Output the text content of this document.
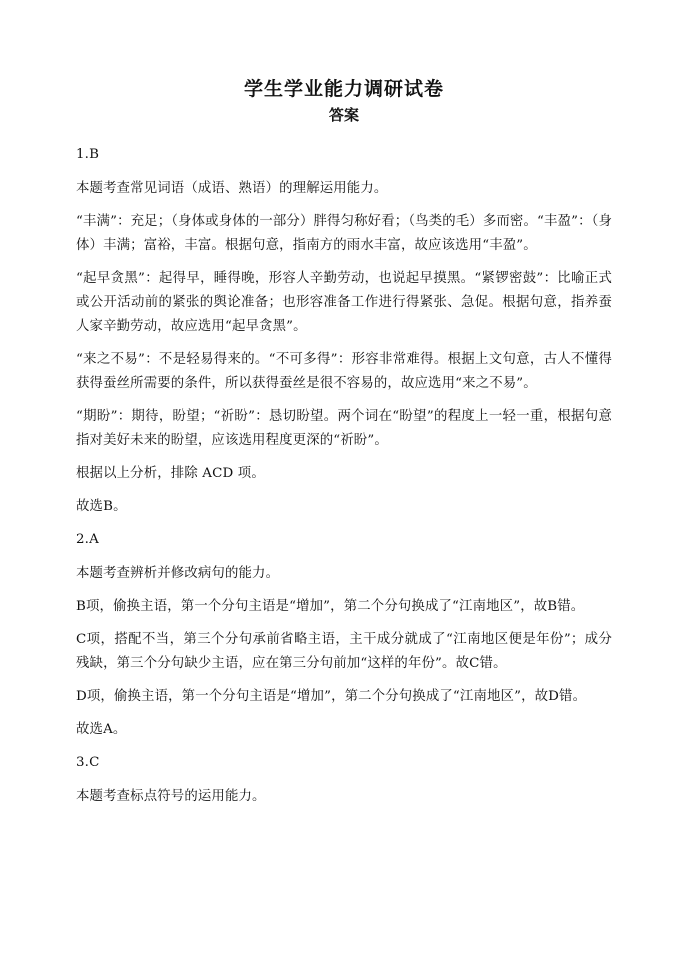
学生学业能力调研试卷
答案

1.B

本题考查常见词语（成语、熟语）的理解运用能力。

“丰满”：充足；（身体或身体的一部分）胖得匀称好看；（鸟类的毛）多而密。“丰盈”：（身体）丰满；富裕，丰富。根据句意，指南方的雨水丰富，故应该选用“丰盈”。

“起早贪黑”：起得早，睡得晚，形容人辛勤劳动，也说起早摸黑。“紧锣密鼓”：比喻正式或公开活动前的紧张的舆论准备；也形容准备工作进行得紧张、急促。根据句意，指养蚕人家辛勤劳动，故应选用“起早贪黑”。

“来之不易”：不是轻易得来的。“不可多得”：形容非常难得。根据上文句意，古人不懂得获得蚕丝所需要的条件，所以获得蚕丝是很不容易的，故应选用“来之不易”。

“期盼”：期待，盼望；“祈盼”：恳切盼望。两个词在“盼望”的程度上一轻一重，根据句意指对美好未来的盼望，应该选用程度更深的“祈盼”。

根据以上分析，排除 ACD 项。

故选B。

2.A

本题考查辨析并修改病句的能力。

B项，偷换主语，第一个分句主语是“增加”，第二个分句换成了“江南地区”，故B错。

C项，搭配不当，第三个分句承前省略主语，主干成分就成了“江南地区便是年份”；成分残缺，第三个分句缺少主语，应在第三分句前加“这样的年份”。故C错。

D项，偷换主语，第一个分句主语是“增加”，第二个分句换成了“江南地区”，故D错。

故选A。

3.C

本题考查标点符号的运用能力。
